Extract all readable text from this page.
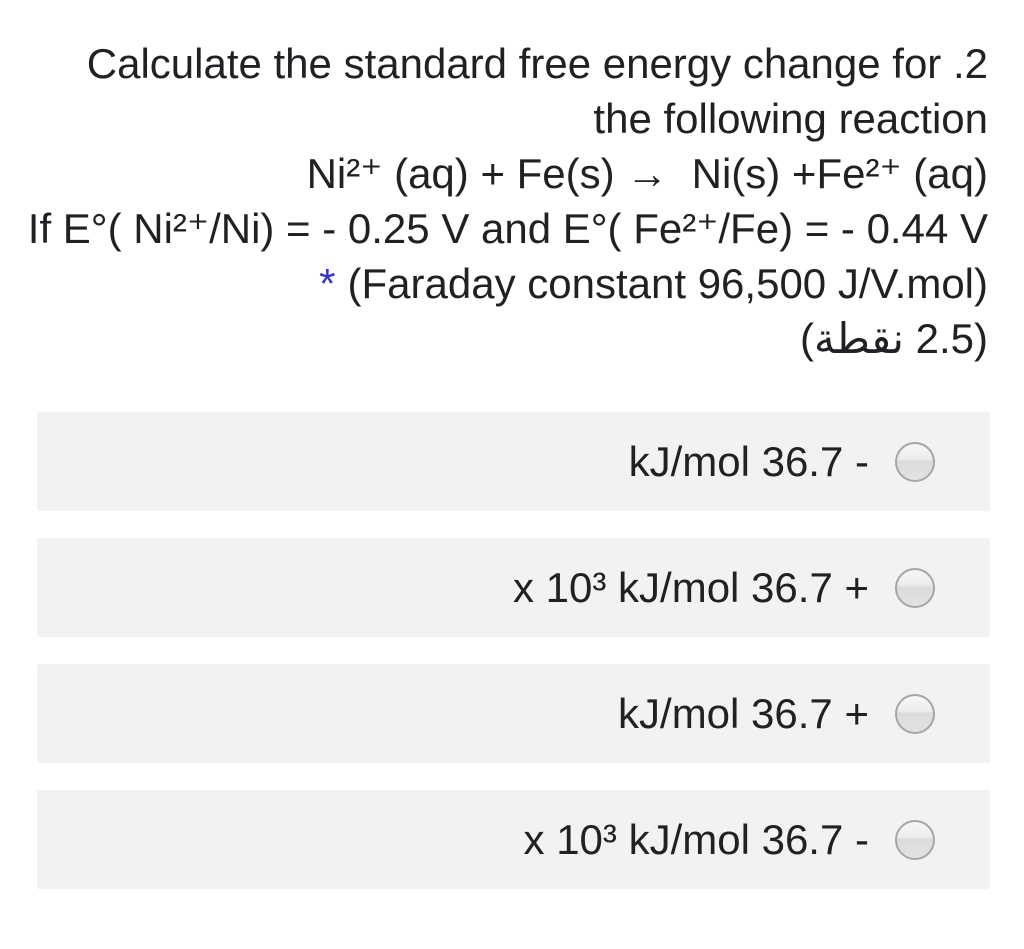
Calculate the standard free energy change for .2
the following reaction
Ni²⁺ (aq) + Fe(s) →  Ni(s) +Fe²⁺ (aq)
If E°( Ni²⁺/Ni) = - 0.25 V and E°( Fe²⁺/Fe) = - 0.44 V
* (Faraday constant 96,500 J/V.mol)
(2.5 نقطة)
kJ/mol 36.7 -
x 10³ kJ/mol 36.7 +
kJ/mol 36.7 +
x 10³ kJ/mol 36.7 -
